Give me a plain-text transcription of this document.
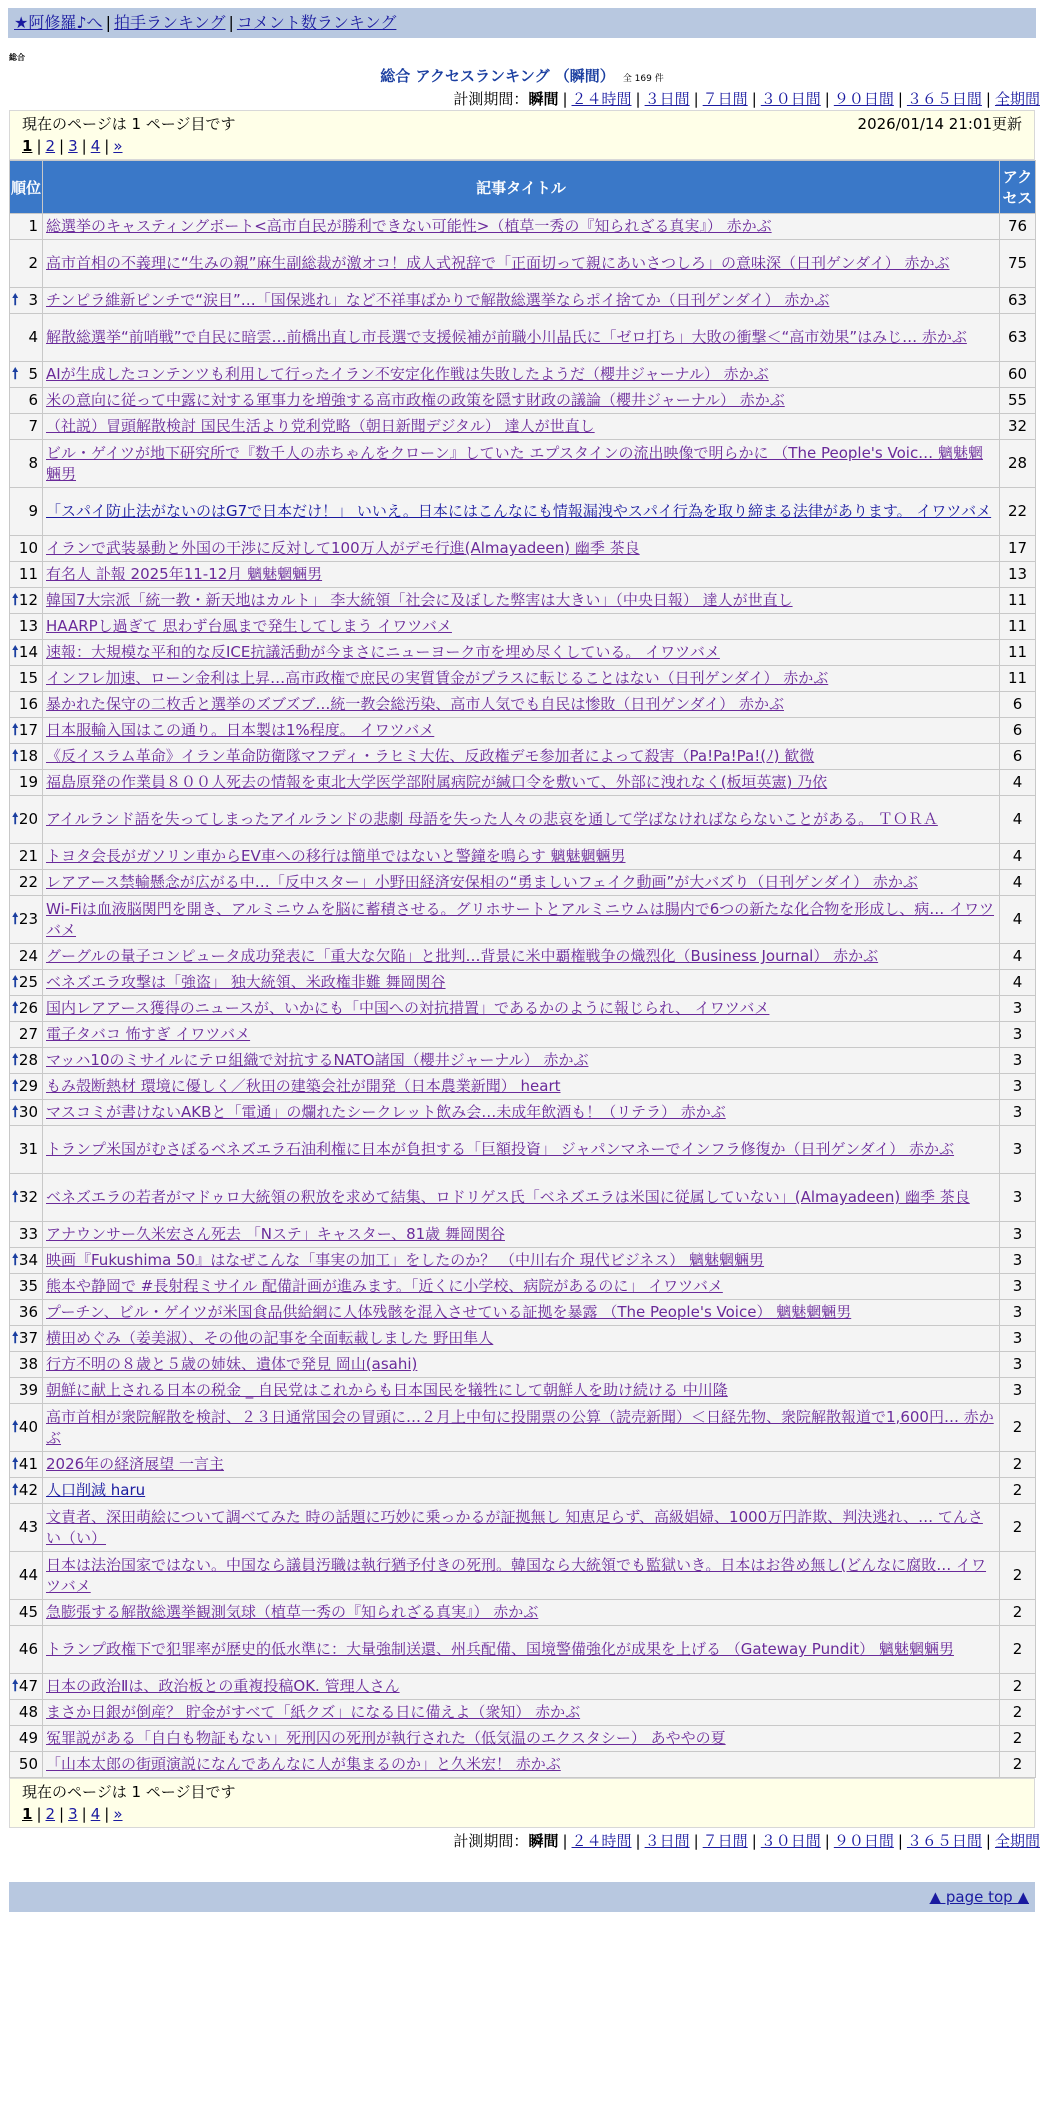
★阿修羅♪へ | 拍手ランキング | コメント数ランキング
総合
総合 アクセスランキング （瞬間） 全 169 件
計測期間：瞬間 | ２４時間 | ３日間 | ７日間 | ３０日間 | ９０日間 | ３６５日間 | 全期間
現在のページは 1 ページ目です	2026/01/14 21:01更新
1 | 2 | 3 | 4 | »
順位	記事タイトル	アクセス
1	総選挙のキャスティングボート<高市自民が勝利できない可能性>（植草一秀の『知られざる真実』） 赤かぶ	76
2	高市首相の不義理に“生みの親”麻生副総裁が激オコ！成人式祝辞で「正面切って親にあいさつしろ」の意味深（日刊ゲンダイ） 赤かぶ	75

🠕 3	チンピラ維新ピンチで“涙目”…「国保逃れ」など不祥事ばかりで解散総選挙ならポイ捨てか（日刊ゲンダイ） 赤かぶ	63
4	解散総選挙“前哨戦”で自民に暗雲…前橋出直し市長選で支援候補が前職小川晶氏に「ゼロ打ち」大敗の衝撃＜“高市効果”はみじ… 赤かぶ	63

🠕 5	AIが生成したコンテンツも利用して行ったイラン不安定化作戦は失敗したようだ（櫻井ジャーナル） 赤かぶ	60
6	米の意向に従って中露に対する軍事力を増強する高市政権の政策を隠す財政の議論（櫻井ジャーナル） 赤かぶ	55
7	（社説）冒頭解散検討 国民生活より党利党略（朝日新聞デジタル） 達人が世直し	32
8	ビル・ゲイツが地下研究所で『数千人の赤ちゃんをクローン』していた エプスタインの流出映像で明らかに （The People's Voic… 魑魅魍魎男	28
9	「スパイ防止法がないのはG7で日本だけ！」 いいえ。日本にはこんなにも情報漏洩やスパイ行為を取り締まる法律があります。 イワツバメ	22
10	イランで武装暴動と外国の干渉に反対して100万人がデモ行進(Almayadeen) 幽季 茶良	17
11	有名人 訃報 2025年11-12月 魑魅魍魎男	13

🠕 12	韓国7大宗派「統一教・新天地はカルト」 李大統領「社会に及ぼした弊害は大きい」（中央日報） 達人が世直し	11
13	HAARPし過ぎて 思わず台風まで発生してしまう イワツバメ	11

🠕 14	速報：大規模な平和的な反ICE抗議活動が今まさにニューヨーク市を埋め尽くしている。 イワツバメ	11
15	インフレ加速、ローン金利は上昇…高市政権で庶民の実質賃金がプラスに転じることはない（日刊ゲンダイ） 赤かぶ	11
16	暴かれた保守の二枚舌と選挙のズブズブ…統一教会総汚染、高市人気でも自民は惨敗（日刊ゲンダイ） 赤かぶ	6

🠕 17	日本服輸入国はこの通り。日本製は1%程度。 イワツバメ	6

🠕 18	《反イスラム革命》イラン革命防衛隊マフディ・ラヒミ大佐、反政権デモ参加者によって殺害（Pa!Pa!Pa!(ﾉ) 歓微	6
19	福島原発の作業員８００人死去の情報を東北大学医学部附属病院が緘口令を敷いて、外部に洩れなく(板垣英憲) 乃依	4

🠕 20	アイルランド語を失ってしまったアイルランドの悲劇 母語を失った人々の悲哀を通して学ばなければならないことがある。 ＴＯＲＡ	4
21	トヨタ会長がガソリン車からEV車への移行は簡単ではないと警鐘を鳴らす 魑魅魍魎男	4
22	レアアース禁輸懸念が広がる中…「反中スター」小野田経済安保相の“勇ましいフェイク動画”が大バズり（日刊ゲンダイ） 赤かぶ	4

🠕 23	Wi-Fiは血液脳関門を開き、アルミニウムを脳に蓄積させる。グリホサートとアルミニウムは腸内で6つの新たな化合物を形成し、病… イワツバメ	4
24	グーグルの量子コンピュータ成功発表に「重大な欠陥」と批判…背景に米中覇権戦争の熾烈化（Business Journal） 赤かぶ	4

🠕 25	ベネズエラ攻撃は「強盗」 独大統領、米政権非難 舞岡関谷	4

🠕 26	国内レアアース獲得のニュースが、いかにも「中国への対抗措置」であるかのように報じられ、 イワツバメ	3
27	電子タバコ 怖すぎ イワツバメ	3

🠕 28	マッハ10のミサイルにテロ組織で対抗するNATO諸国（櫻井ジャーナル） 赤かぶ	3

🠕 29	もみ殻断熱材 環境に優しく／秋田の建築会社が開発（日本農業新聞） heart	3

🠕 30	マスコミが書けないAKBと「電通」の爛れたシークレット飲み会…未成年飲酒も！（リテラ） 赤かぶ	3
31	トランプ米国がむさぼるベネズエラ石油利権に日本が負担する「巨額投資」 ジャパンマネーでインフラ修復か（日刊ゲンダイ） 赤かぶ	3

🠕 32	ベネズエラの若者がマドゥロ大統領の釈放を求めて結集、ロドリゲス氏「ベネズエラは米国に従属していない」(Almayadeen) 幽季 茶良	3
33	アナウンサー久米宏さん死去 「Nステ」キャスター、81歳 舞岡関谷	3

🠕 34	映画『Fukushima 50』はなぜこんな「事実の加工」をしたのか？ （中川右介 現代ビジネス） 魑魅魍魎男	3
35	熊本や静岡で #長射程ミサイル 配備計画が進みます。「近くに小学校、病院があるのに」 イワツバメ	3
36	プーチン、ビル・ゲイツが米国食品供給網に人体残骸を混入させている証拠を暴露 （The People's Voice） 魑魅魍魎男	3

🠕 37	横田めぐみ（姜美淑）、その他の記事を全面転載しました 野田隼人	3
38	行方不明の８歳と５歳の姉妹、遺体で発見 岡山(asahi)	3
39	朝鮮に献上される日本の税金 _ 自民党はこれからも日本国民を犠牲にして朝鮮人を助け続ける 中川隆	3

🠕 40	高市首相が衆院解散を検討、２３日通常国会の冒頭に…２月上中旬に投開票の公算（読売新聞）＜日経先物、衆院解散報道で1,600円… 赤かぶ	2

🠕 41	2026年の経済展望 一言主	2

🠕 42	人口削減 haru	2
43	文責者、深田萌絵について調べてみた 時の話題に巧妙に乗っかるが証拠無し 知恵足らず、高級娼婦、1000万円詐欺、判決逃れ、… てんさい（い）	2
44	日本は法治国家ではない。中国なら議員汚職は執行猶予付きの死刑。韓国なら大統領でも監獄いき。日本はお咎め無し(どんなに腐敗… イワツバメ	2
45	急膨張する解散総選挙観測気球（植草一秀の『知られざる真実』） 赤かぶ	2
46	トランプ政権下で犯罪率が歴史的低水準に：大量強制送還、州兵配備、国境警備強化が成果を上げる （Gateway Pundit） 魑魅魍魎男	2

🠕 47	日本の政治Ⅱは、政治板との重複投稿OK. 管理人さん	2
48	まさか日銀が倒産？ 貯金がすべて「紙クズ」になる日に備えよ（衆知） 赤かぶ	2
49	冤罪説がある「自白も物証もない」死刑囚の死刑が執行された（低気温のエクスタシー） あややの夏	2
50	「山本太郎の街頭演説になんであんなに人が集まるのか」と久米宏！ 赤かぶ	2
現在のページは 1 ページ目です
1 | 2 | 3 | 4 | »
計測期間：瞬間 | ２４時間 | ３日間 | ７日間 | ３０日間 | ９０日間 | ３６５日間 | 全期間
▲ page top ▲
